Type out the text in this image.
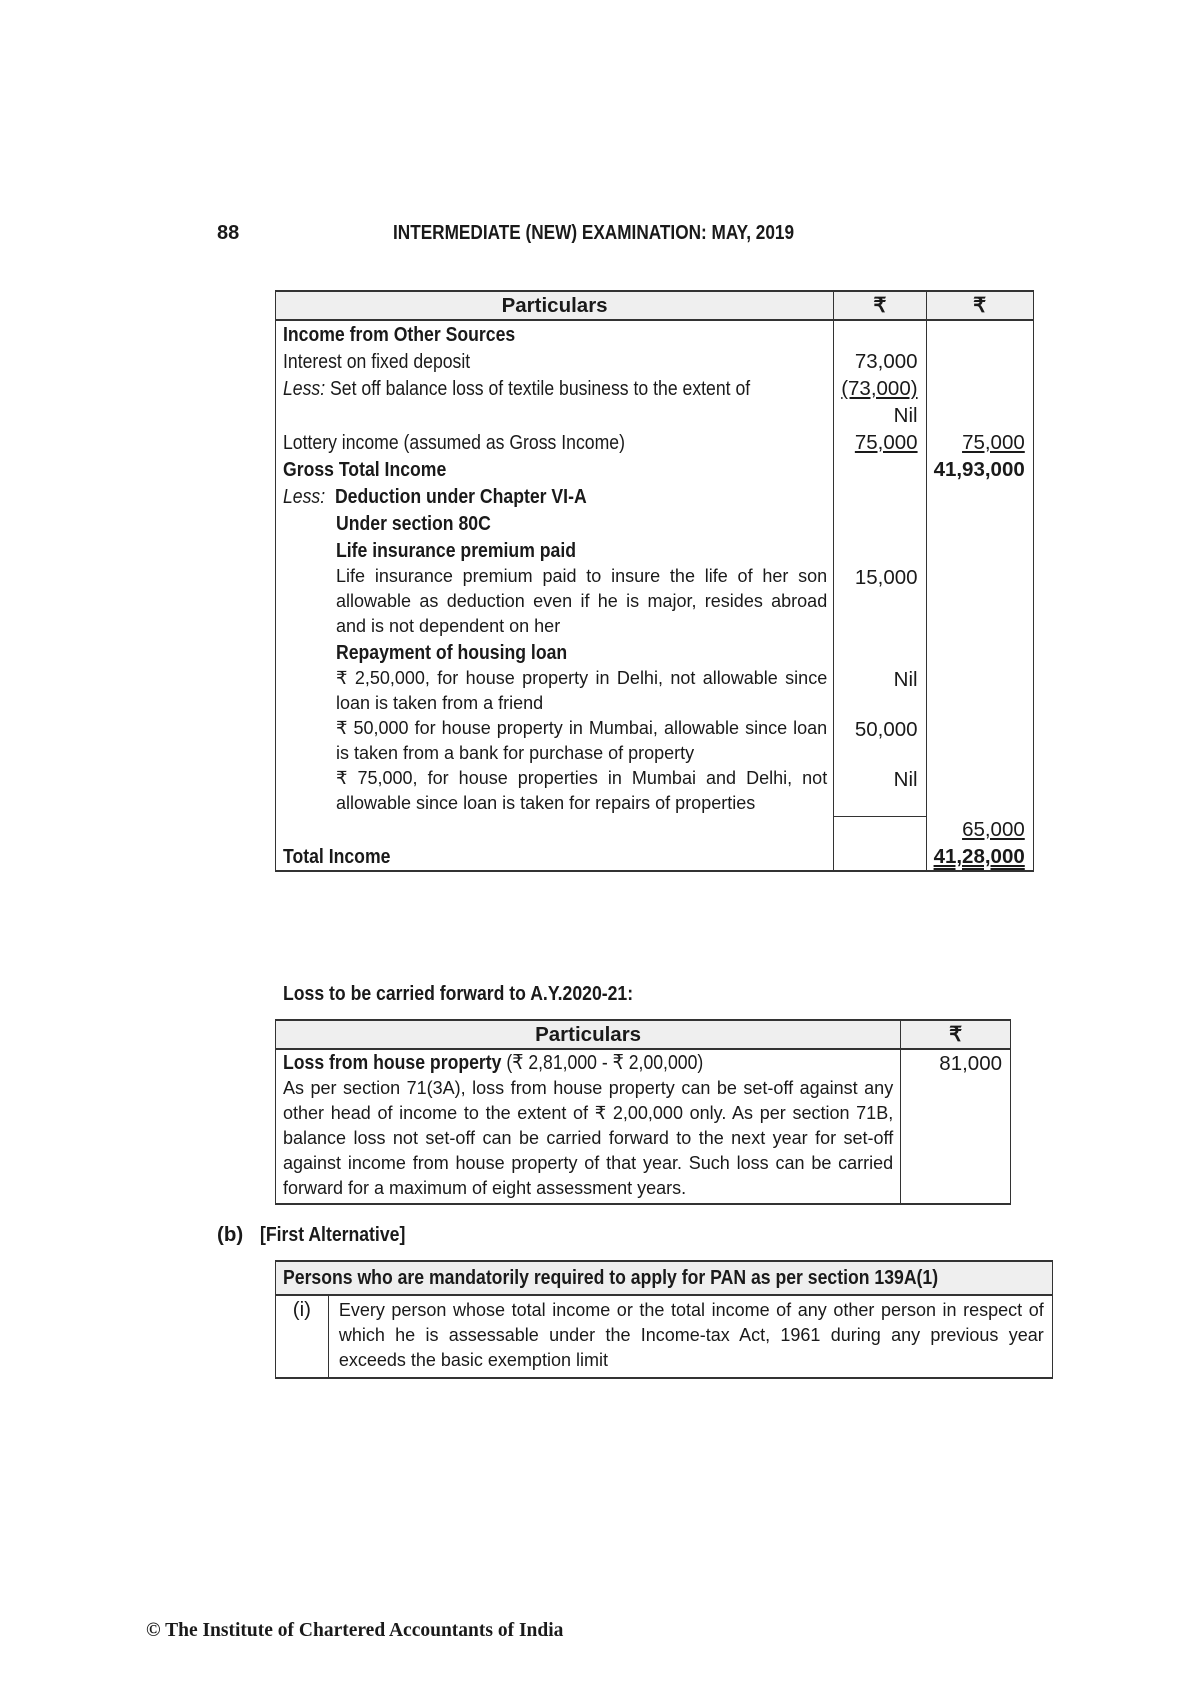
88	INTERMEDIATE (NEW) EXAMINATION: MAY, 2019
Particulars	₹	₹
Income from Other Sources		
Interest on fixed deposit	73,000	
Less: Set off balance loss of textile business to the extent of	(73,000)	
	Nil	
Lottery income (assumed as Gross Income)	75,000	75,000
Gross Total Income		41,93,000
Less: Deduction under Chapter VI-A		
Under section 80C		
Life insurance premium paid		
Life insurance premium paid to insure the life of her son allowable as deduction even if he is major, resides abroad and is not dependent on her	15,000	
Repayment of housing loan		
₹ 2,50,000, for house property in Delhi, not allowable since loan is taken from a friend	Nil	
₹ 50,000 for house property in Mumbai, allowable since loan is taken from a bank for purchase of property	50,000	
₹ 75,000, for house properties in Mumbai and Delhi, not allowable since loan is taken for repairs of properties	Nil	
		65,000
Total Income		41,28,000
Loss to be carried forward to A.Y.2020-21:
Particulars	₹
Loss from house property (₹ 2,81,000 - ₹ 2,00,000)
As per section 71(3A), loss from house property can be set-off against any other head of income to the extent of ₹ 2,00,000 only. As per section 71B, balance loss not set-off can be carried forward to the next year for set-off against income from house property of that year. Such loss can be carried forward for a maximum of eight assessment years.	81,000
(b) [First Alternative]
Persons who are mandatorily required to apply for PAN as per section 139A(1)
(i)	Every person whose total income or the total income of any other person in respect of which he is assessable under the Income-tax Act, 1961 during any previous year exceeds the basic exemption limit
© The Institute of Chartered Accountants of India
